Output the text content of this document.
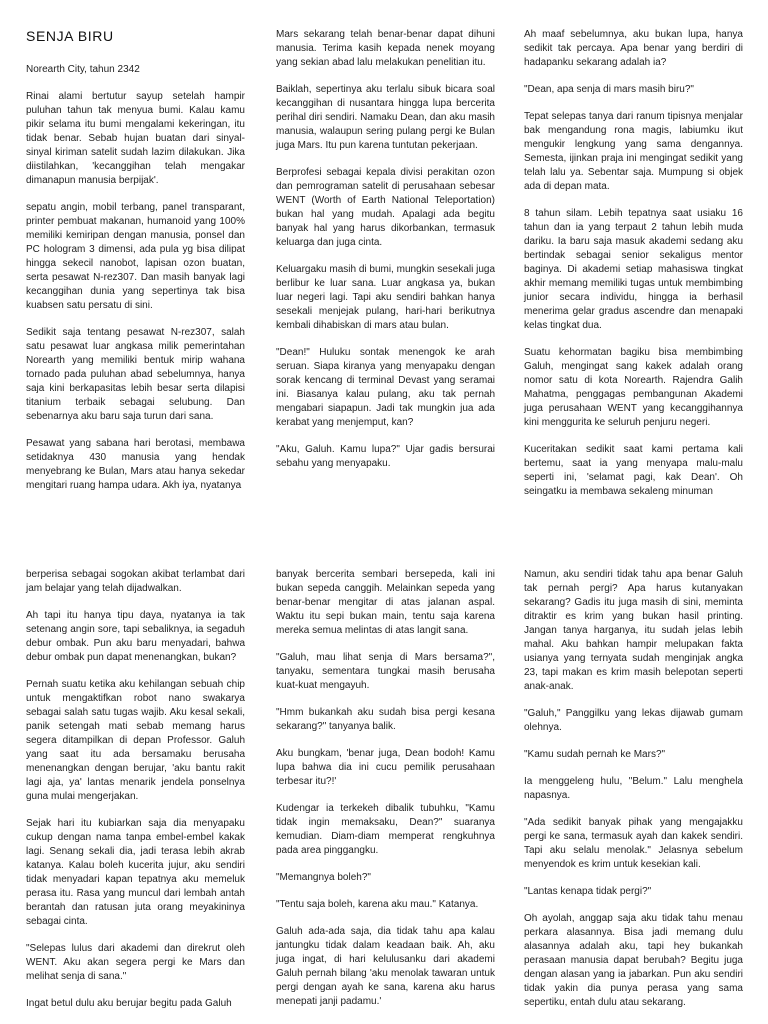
SENJA BIRU

Norearth City, tahun 2342

Rinai alami bertutur sayup setelah hampir puluhan tahun tak menyua bumi. Kalau kamu pikir selama itu bumi mengalami kekeringan, itu tidak benar. Sebab hujan buatan dari sinyal-sinyal kiriman satelit sudah lazim dilakukan. Jika diistilahkan, 'kecanggihan telah mengakar dimanapun manusia berpijak'.

sepatu angin, mobil terbang, panel transparant, printer pembuat makanan, humanoid yang 100% memiliki kemiripan dengan manusia, ponsel dan PC hologram 3 dimensi, ada pula yg bisa dilipat hingga sekecil nanobot, lapisan ozon buatan, serta pesawat N-rez307. Dan masih banyak lagi kecanggihan dunia yang sepertinya tak bisa kuabsen satu persatu di sini.

Sedikit saja tentang pesawat N-rez307, salah satu pesawat luar angkasa milik pemerintahan Norearth yang memiliki bentuk mirip wahana tornado pada puluhan abad sebelumnya, hanya saja kini berkapasitas lebih besar serta dilapisi titanium terbaik sebagai selubung. Dan sebenarnya aku baru saja turun dari sana.

Pesawat yang sabana hari berotasi, membawa setidaknya 430 manusia yang hendak menyebrang ke Bulan, Mars atau hanya sekedar mengitari ruang hampa udara. Akh iya, nyatanya

Mars sekarang telah benar-benar dapat dihuni manusia. Terima kasih kepada nenek moyang yang sekian abad lalu melakukan penelitian itu.

Baiklah, sepertinya aku terlalu sibuk bicara soal kecanggihan di nusantara hingga lupa bercerita perihal diri sendiri. Namaku Dean, dan aku masih manusia, walaupun sering pulang pergi ke Bulan juga Mars. Itu pun karena tuntutan pekerjaan.

Berprofesi sebagai kepala divisi perakitan ozon dan pemrograman satelit di perusahaan sebesar WENT (Worth of Earth National Teleportation) bukan hal yang mudah. Apalagi ada begitu banyak hal yang harus dikorbankan, termasuk keluarga dan juga cinta.

Keluargaku masih di bumi, mungkin sesekali juga berlibur ke luar sana. Luar angkasa ya, bukan luar negeri lagi. Tapi aku sendiri bahkan hanya sesekali menjejak pulang, hari-hari berikutnya kembali dihabiskan di mars atau bulan.

"Dean!" Huluku sontak menengok ke arah seruan. Siapa kiranya yang menyapaku dengan sorak kencang di terminal Devast yang seramai ini. Biasanya kalau pulang, aku tak pernah mengabari siapapun. Jadi tak mungkin jua ada kerabat yang menjemput, kan?

"Aku, Galuh. Kamu lupa?" Ujar gadis bersurai sebahu yang menyapaku.

Ah maaf sebelumnya, aku bukan lupa, hanya sedikit tak percaya. Apa benar yang berdiri di hadapanku sekarang adalah ia?

"Dean, apa senja di mars masih biru?"

Tepat selepas tanya dari ranum tipisnya menjalar bak mengandung rona magis, labiumku ikut mengukir lengkung yang sama dengannya. Semesta, ijinkan praja ini mengingat sedikit yang telah lalu ya. Sebentar saja. Mumpung si objek ada di depan mata.

8 tahun silam. Lebih tepatnya saat usiaku 16 tahun dan ia yang terpaut 2 tahun lebih muda dariku. Ia baru saja masuk akademi sedang aku bertindak sebagai senior sekaligus mentor baginya. Di akademi setiap mahasiswa tingkat akhir memang memiliki tugas untuk membimbing junior secara individu, hingga ia berhasil menerima gelar gradus ascendre dan menapaki kelas tingkat dua.

Suatu kehormatan bagiku bisa membimbing Galuh, mengingat sang kakek adalah orang nomor satu di kota Norearth. Rajendra Galih Mahatma, penggagas pembangunan Akademi juga perusahaan WENT yang kecanggihannya kini menggurita ke seluruh penjuru negeri.

Kuceritakan sedikit saat kami pertama kali bertemu, saat ia yang menyapa malu-malu seperti ini, 'selamat pagi, kak Dean'. Oh seingatku ia membawa sekaleng minuman

berperisa sebagai sogokan akibat terlambat dari jam belajar yang telah dijadwalkan.

Ah tapi itu hanya tipu daya, nyatanya ia tak setenang angin sore, tapi sebaliknya, ia segaduh debur ombak. Pun aku baru menyadari, bahwa debur ombak pun dapat menenangkan, bukan?

Pernah suatu ketika aku kehilangan sebuah chip untuk mengaktifkan robot nano swakarya sebagai salah satu tugas wajib. Aku kesal sekali, panik setengah mati sebab memang harus segera ditampilkan di depan Professor. Galuh yang saat itu ada bersamaku berusaha menenangkan dengan berujar, 'aku bantu rakit lagi aja, ya' lantas menarik jendela ponselnya guna mulai mengerjakan.

Sejak hari itu kubiarkan saja dia menyapaku cukup dengan nama tanpa embel-embel kakak lagi. Senang sekali dia, jadi terasa lebih akrab katanya. Kalau boleh kucerita jujur, aku sendiri tidak menyadari kapan tepatnya aku memeluk perasa itu. Rasa yang muncul dari lembah antah berantah dan ratusan juta orang meyakininya sebagai cinta.

"Selepas lulus dari akademi dan direkrut oleh WENT. Aku akan segera pergi ke Mars dan melihat senja di sana."

Ingat betul dulu aku berujar begitu pada Galuh

banyak bercerita sembari bersepeda, kali ini bukan sepeda canggih. Melainkan sepeda yang benar-benar mengitar di atas jalanan aspal. Waktu itu sepi bukan main, tentu saja karena mereka semua melintas di atas langit sana.

"Galuh, mau lihat senja di Mars bersama?", tanyaku, sementara tungkai masih berusaha kuat-kuat mengayuh.

"Hmm bukankah aku sudah bisa pergi kesana sekarang?" tanyanya balik.

Aku bungkam, 'benar juga, Dean bodoh! Kamu lupa bahwa dia ini cucu pemilik perusahaan terbesar itu?!'

Kudengar ia terkekeh dibalik tubuhku, "Kamu tidak ingin memaksaku, Dean?" suaranya kemudian. Diam-diam memperat rengkuhnya pada area pinggangku.

"Memangnya boleh?"

"Tentu saja boleh, karena aku mau." Katanya.

Galuh ada-ada saja, dia tidak tahu apa kalau jantungku tidak dalam keadaan baik. Ah, aku juga ingat, di hari kelulusanku dari akademi Galuh pernah bilang 'aku menolak tawaran untuk pergi dengan ayah ke sana, karena aku harus menepati janji padamu.'

Namun, aku sendiri tidak tahu apa benar Galuh tak pernah pergi? Apa harus kutanyakan sekarang? Gadis itu juga masih di sini, meminta ditraktir es krim yang bukan hasil printing. Jangan tanya harganya, itu sudah jelas lebih mahal. Aku bahkan hampir melupakan fakta usianya yang ternyata sudah menginjak angka 23, tapi makan es krim masih belepotan seperti anak-anak.

"Galuh," Panggilku yang lekas dijawab gumam olehnya.

"Kamu sudah pernah ke Mars?"

Ia menggeleng hulu, "Belum." Lalu menghela napasnya.

"Ada sedikit banyak pihak yang mengajakku pergi ke sana, termasuk ayah dan kakek sendiri. Tapi aku selalu menolak." Jelasnya sebelum menyendok es krim untuk kesekian kali.

"Lantas kenapa tidak pergi?"

Oh ayolah, anggap saja aku tidak tahu menau perkara alasannya. Bisa jadi memang dulu alasannya adalah aku, tapi hey bukankah perasaan manusia dapat berubah? Begitu juga dengan alasan yang ia jabarkan. Pun aku sendiri tidak yakin dia punya perasa yang sama sepertiku, entah dulu atau sekarang.
